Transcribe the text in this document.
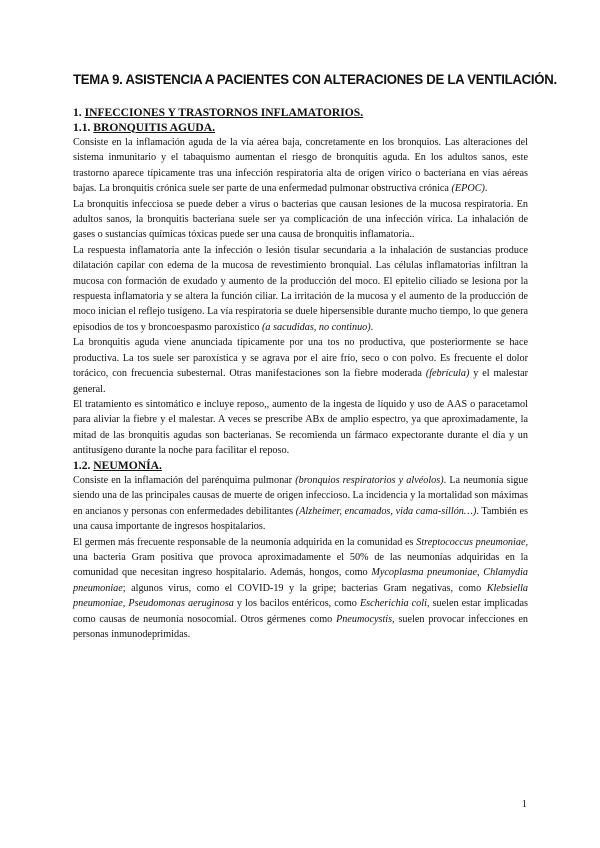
TEMA 9. ASISTENCIA A PACIENTES CON ALTERACIONES DE LA VENTILACIÓN.
1. INFECCIONES Y TRASTORNOS INFLAMATORIOS.
1.1. BRONQUITIS AGUDA.

Consiste en la inflamación aguda de la vía aérea baja, concretamente en los bronquios. Las alteraciones del sistema inmunitario y el tabaquismo aumentan el riesgo de bronquitis aguda. En los adultos sanos, este trastorno aparece típicamente tras una infección respiratoria alta de origen vírico o bacteriana en vías aéreas bajas. La bronquitis crónica suele ser parte de una enfermedad pulmonar obstructiva crónica (EPOC).

La bronquitis infecciosa se puede deber a virus o bacterias que causan lesiones de la mucosa respiratoria. En adultos sanos, la bronquitis bacteriana suele ser ya complicación de una infección vírica. La inhalación de gases o sustancias químicas tóxicas puede ser una causa de bronquitis inflamatoria..

La respuesta inflamatoria ante la infección o lesión tisular secundaria a la inhalación de sustancias produce dilatación capilar con edema de la mucosa de revestimiento bronquial. Las células inflamatorias infiltran la mucosa con formación de exudado y aumento de la producción del moco. El epitelio ciliado se lesiona por la respuesta inflamatoria y se altera la función ciliar. La irritación de la mucosa y el aumento de la producción de moco inician el reflejo tusígeno. La vía respiratoria se duele hipersensible durante mucho tiempo, lo que genera episodios de tos y broncoespasmo paroxístico (a sacudidas, no continuo).

La bronquitis aguda viene anunciada típicamente por una tos no productiva, que posteriormente se hace productiva. La tos suele ser paroxística y se agrava por el aire frío, seco o con polvo. Es frecuente el dolor torácico, con frecuencia subesternal. Otras manifestaciones son la fiebre moderada (febrícula) y el malestar general.

El tratamiento es sintomático e incluye reposo,, aumento de la ingesta de líquido y uso de AAS o paracetamol para aliviar la fiebre y el malestar. A veces se prescribe ABx de amplio espectro, ya que aproximadamente, la mitad de las bronquitis agudas son bacterianas. Se recomienda un fármaco expectorante durante el día y un antitusígeno durante la noche para facilitar el reposo.

1.2. NEUMONÍA.

Consiste en la inflamación del parénquima pulmonar (bronquios respiratorios y alvéolos). La neumonía sigue siendo una de las principales causas de muerte de origen infeccioso. La incidencia y la mortalidad son máximas en ancianos y personas con enfermedades debilitantes (Alzheimer, encamados, vida cama-sillón…). También es una causa importante de ingresos hospitalarios.

El germen más frecuente responsable de la neumonía adquirida en la comunidad es Streptococcus pneumoniae, una bacteria Gram positiva que provoca aproximadamente el 50% de las neumonías adquiridas en la comunidad que necesitan ingreso hospitalario. Además, hongos, como Mycoplasma pneumoniae, Chlamydia pneumoniae; algunos virus, como el COVID-19 y la gripe; bacterias Gram negativas, como Klebsiella pneumoniae, Pseudomonas aeruginosa y los bacilos entéricos, como Escherichia coli, suelen estar implicadas como causas de neumonía nosocomial. Otros gérmenes como Pneumocystis, suelen provocar infecciones en personas inmunodeprimidas.

1
